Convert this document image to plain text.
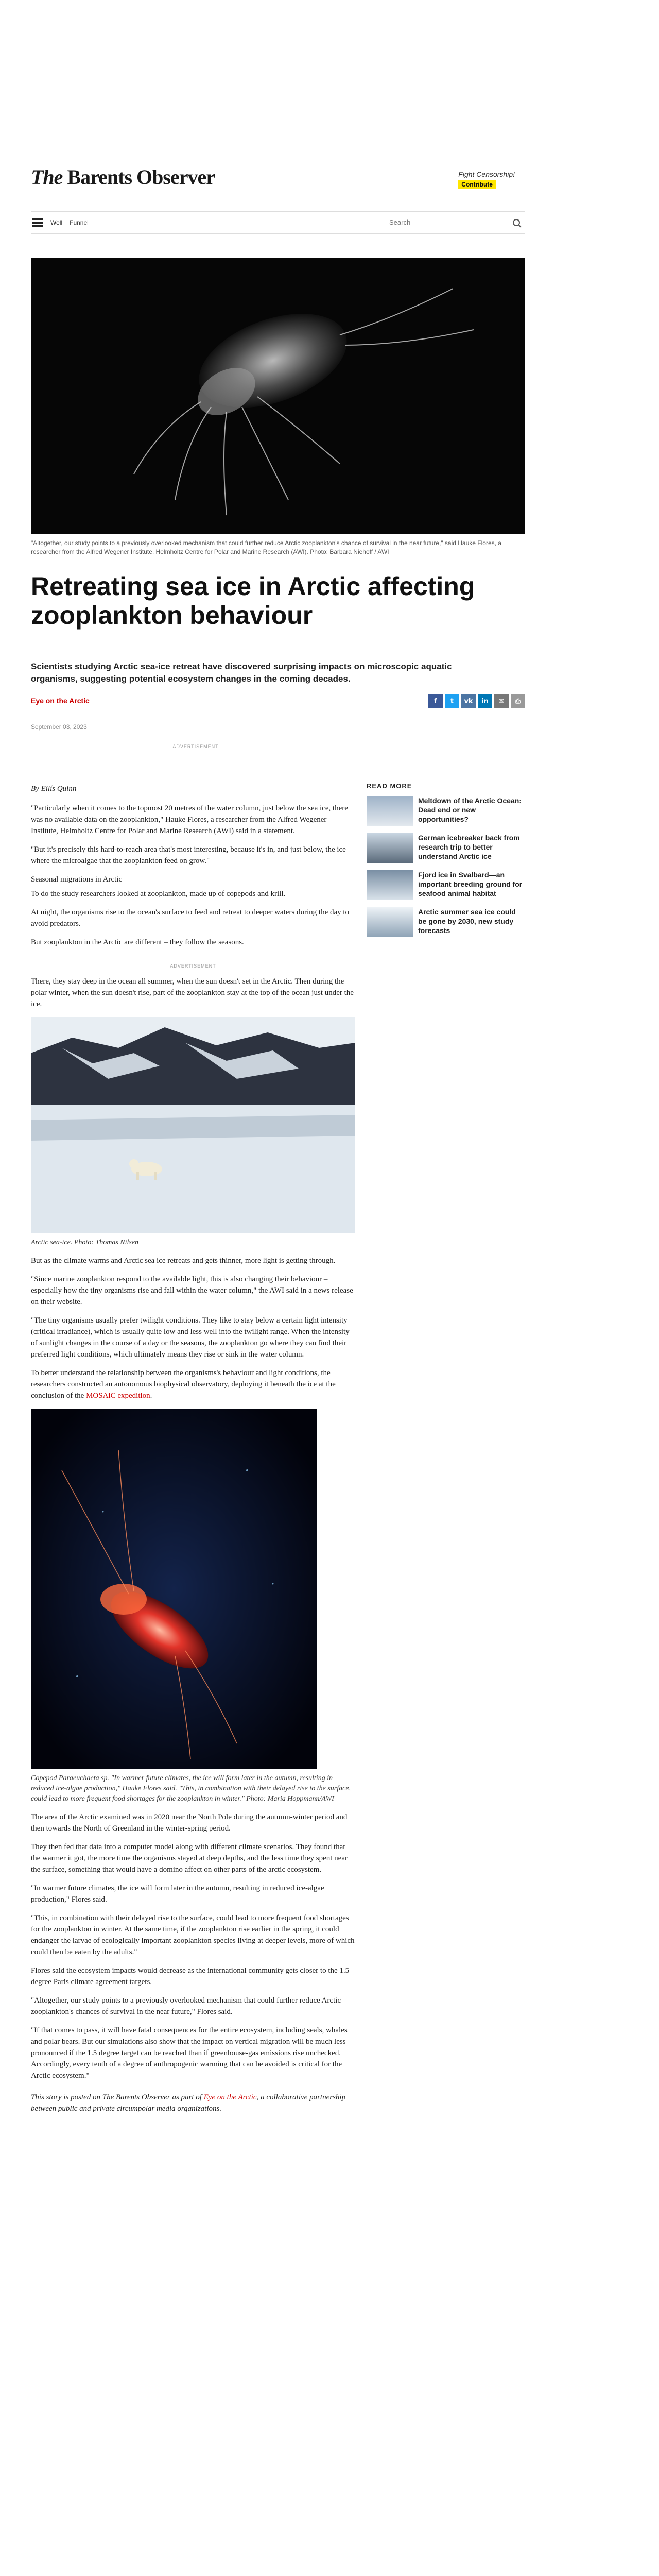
The Barents Observer	Fight Censorship!
Contribute
Well Funnel
Search
"Altogether, our study points to a previously overlooked mechanism that could further reduce Arctic zooplankton's chance of survival in the near future," said Hauke Flores, a researcher from the Alfred Wegener Institute, Helmholtz Centre for Polar and Marine Research (AWI). Photo: Barbara Niehoff / AWI
Retreating sea ice in Arctic affecting zooplankton behaviour
Scientists studying Arctic sea-ice retreat have discovered surprising impacts on microscopic aquatic organisms, suggesting potential ecosystem changes in the coming decades.
Eye on the Arctic	f	t	vk	in	✉	⎙
September 03, 2023
ADVERTISEMENT

By Eilís Quinn

"Particularly when it comes to the topmost 20 metres of the water column, just below the sea ice, there was no available data on the zooplankton," Hauke Flores, a researcher from the Alfred Wegener Institute, Helmholtz Centre for Polar and Marine Research (AWI) said in a statement.

"But it's precisely this hard-to-reach area that's most interesting, because it's in, and just below, the ice where the microalgae that the zooplankton feed on grow."

Seasonal migrations in Arctic

To do the study researchers looked at zooplankton, made up of copepods and krill.

At night, the organisms rise to the ocean's surface to feed and retreat to deeper waters during the day to avoid predators.

But zooplankton in the Arctic are different – they follow the seasons.

ADVERTISEMENT

There, they stay deep in the ocean all summer, when the sun doesn't set in the Arctic. Then during the polar winter, when the sun doesn't rise, part of the zooplankton stay at the top of the ocean just under the ice.

Arctic sea-ice. Photo: Thomas Nilsen

But as the climate warms and Arctic sea ice retreats and gets thinner, more light is getting through.

"Since marine zooplankton respond to the available light, this is also changing their behaviour – especially how the tiny organisms rise and fall within the water column," the AWI said in a news release on their website.

"The tiny organisms usually prefer twilight conditions. They like to stay below a certain light intensity (critical irradiance), which is usually quite low and less well into the twilight range. When the intensity of sunlight changes in the course of a day or the seasons, the zooplankton go where they can find their preferred light conditions, which ultimately means they rise or sink in the water column.

To better understand the relationship between the organisms's behaviour and light conditions, the researchers constructed an autonomous biophysical observatory, deploying it beneath the ice at the conclusion of the MOSAiC expedition.

Copepod Paraeuchaeta sp. "In warmer future climates, the ice will form later in the autumn, resulting in reduced ice-algae production," Hauke Flores said. "This, in combination with their delayed rise to the surface, could lead to more frequent food shortages for the zooplankton in winter." Photo: Maria Hoppmann/AWI

The area of the Arctic examined was in 2020 near the North Pole during the autumn-winter period and then towards the North of Greenland in the winter-spring period.

They then fed that data into a computer model along with different climate scenarios. They found that the warmer it got, the more time the organisms stayed at deep depths, and the less time they spent near the surface, something that would have a domino affect on other parts of the arctic ecosystem.

"In warmer future climates, the ice will form later in the autumn, resulting in reduced ice-algae production," Flores said.

"This, in combination with their delayed rise to the surface, could lead to more frequent food shortages for the zooplankton in winter. At the same time, if the zooplankton rise earlier in the spring, it could endanger the larvae of ecologically important zooplankton species living at deeper levels, more of which could then be eaten by the adults."

Flores said the ecosystem impacts would decrease as the international community gets closer to the 1.5 degree Paris climate agreement targets.

"Altogether, our study points to a previously overlooked mechanism that could further reduce Arctic zooplankton's chances of survival in the near future," Flores said.

"If that comes to pass, it will have fatal consequences for the entire ecosystem, including seals, whales and polar bears. But our simulations also show that the impact on vertical migration will be much less pronounced if the 1.5 degree target can be reached than if greenhouse-gas emissions rise unchecked. Accordingly, every tenth of a degree of anthropogenic warming that can be avoided is critical for the Arctic ecosystem."

This story is posted on The Barents Observer as part of Eye on the Arctic, a collaborative partnership between public and private circumpolar media organizations.

READ MORE
Meltdown of the Arctic Ocean: Dead end or new opportunities?
German icebreaker back from research trip to better understand Arctic ice
Fjord ice in Svalbard—an important breeding ground for seafood animal habitat
Arctic summer sea ice could be gone by 2030, new study forecasts
